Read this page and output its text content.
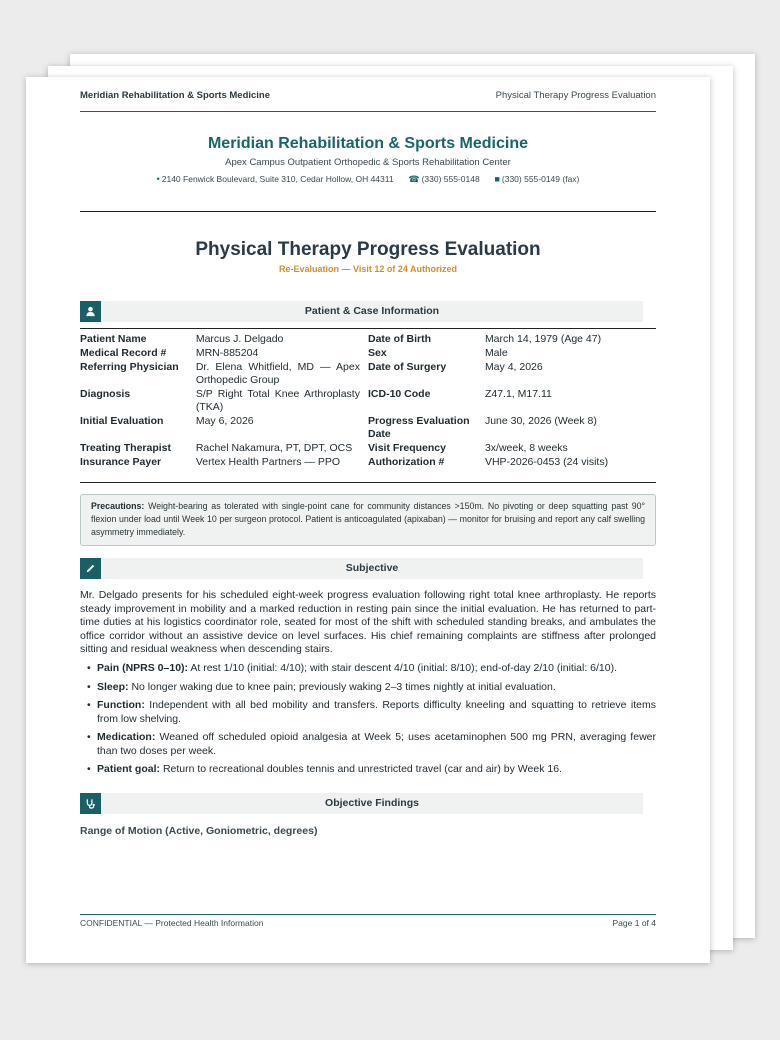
Meridian Rehabilitation & Sports Medicine	Physical Therapy Progress Evaluation
Meridian Rehabilitation & Sports Medicine
Apex Campus Outpatient Orthopedic & Sports Rehabilitation Center
• 2140 Fenwick Boulevard, Suite 310, Cedar Hollow, OH 44311 ☎ (330) 555-0148 ■ (330) 555-0149 (fax)
Physical Therapy Progress Evaluation
Re-Evaluation — Visit 12 of 24 Authorized
Patient & Case Information
Patient Name	Marcus J. Delgado	Date of Birth	March 14, 1979 (Age 47)
Medical Record #	MRN-885204	Sex	Male
Referring Physician	Dr. Elena Whitfield, MD — Apex Orthopedic Group	Date of Surgery	May 4, 2026
Diagnosis	S/P Right Total Knee Arthroplasty (TKA)	ICD-10 Code	Z47.1, M17.11
Initial Evaluation	May 6, 2026	Progress Evaluation Date	June 30, 2026 (Week 8)
Treating Therapist	Rachel Nakamura, PT, DPT, OCS	Visit Frequency	3x/week, 8 weeks
Insurance Payer	Vertex Health Partners — PPO	Authorization #	VHP-2026-0453 (24 visits)
Precautions: Weight-bearing as tolerated with single-point cane for community distances >150m. No pivoting or deep squatting past 90° flexion under load until Week 10 per surgeon protocol. Patient is anticoagulated (apixaban) — monitor for bruising and report any calf swelling asymmetry immediately.
Subjective
Mr. Delgado presents for his scheduled eight-week progress evaluation following right total knee arthroplasty. He reports steady improvement in mobility and a marked reduction in resting pain since the initial evaluation. He has returned to part-time duties at his logistics coordinator role, seated for most of the shift with scheduled standing breaks, and ambulates the office corridor without an assistive device on level surfaces. His chief remaining complaints are stiffness after prolonged sitting and residual weakness when descending stairs.
• Pain (NPRS 0–10): At rest 1/10 (initial: 4/10); with stair descent 4/10 (initial: 8/10); end-of-day 2/10 (initial: 6/10).
• Sleep: No longer waking due to knee pain; previously waking 2–3 times nightly at initial evaluation.
• Function: Independent with all bed mobility and transfers. Reports difficulty kneeling and squatting to retrieve items from low shelving.
• Medication: Weaned off scheduled opioid analgesia at Week 5; uses acetaminophen 500 mg PRN, averaging fewer than two doses per week.
• Patient goal: Return to recreational doubles tennis and unrestricted travel (car and air) by Week 16.
Objective Findings
Range of Motion (Active, Goniometric, degrees)
CONFIDENTIAL — Protected Health Information	Page 1 of 4
